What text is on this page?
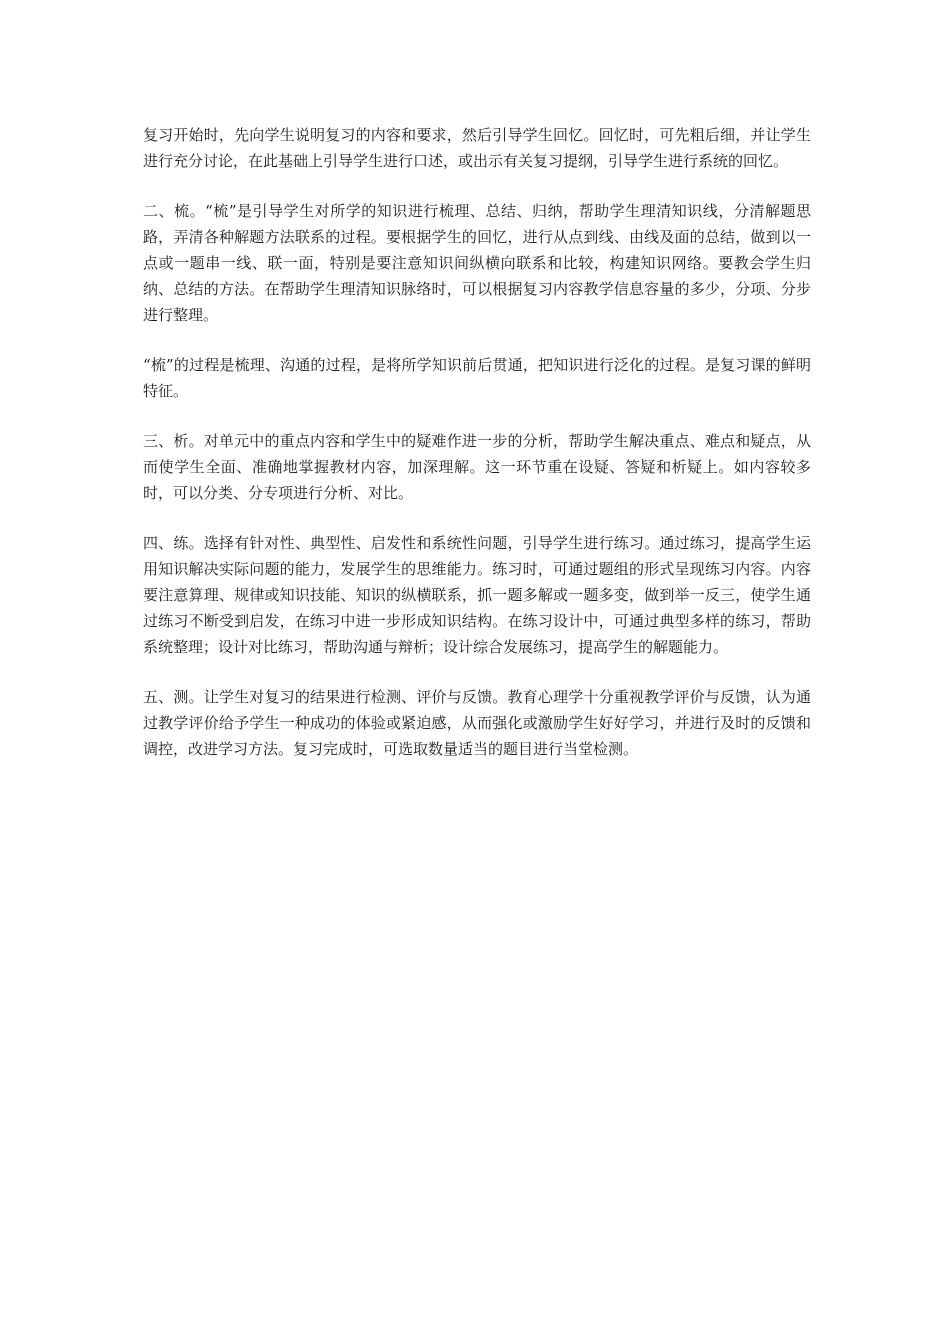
复习开始时，先向学生说明复习的内容和要求，然后引导学生回忆。回忆时，可先粗后细，并让学生进行充分讨论，在此基础上引导学生进行口述，或出示有关复习提纲，引导学生进行系统的回忆。

二、梳。“梳”是引导学生对所学的知识进行梳理、总结、归纳，帮助学生理清知识线，分清解题思路，弄清各种解题方法联系的过程。要根据学生的回忆，进行从点到线、由线及面的总结，做到以一点或一题串一线、联一面，特别是要注意知识间纵横向联系和比较，构建知识网络。要教会学生归纳、总结的方法。在帮助学生理清知识脉络时，可以根据复习内容教学信息容量的多少，分项、分步进行整理。

“梳”的过程是梳理、沟通的过程，是将所学知识前后贯通，把知识进行泛化的过程。是复习课的鲜明特征。

三、析。对单元中的重点内容和学生中的疑难作进一步的分析，帮助学生解决重点、难点和疑点，从而使学生全面、准确地掌握教材内容，加深理解。这一环节重在设疑、答疑和析疑上。如内容较多时，可以分类、分专项进行分析、对比。

四、练。选择有针对性、典型性、启发性和系统性问题，引导学生进行练习。通过练习，提高学生运用知识解决实际问题的能力，发展学生的思维能力。练习时，可通过题组的形式呈现练习内容。内容要注意算理、规律或知识技能、知识的纵横联系，抓一题多解或一题多变，做到举一反三，使学生通过练习不断受到启发，在练习中进一步形成知识结构。在练习设计中，可通过典型多样的练习，帮助系统整理；设计对比练习，帮助沟通与辩析；设计综合发展练习，提高学生的解题能力。

五、测。让学生对复习的结果进行检测、评价与反馈。教育心理学十分重视教学评价与反馈，认为通过教学评价给予学生一种成功的体验或紧迫感，从而强化或激励学生好好学习，并进行及时的反馈和调控，改进学习方法。复习完成时，可选取数量适当的题目进行当堂检测。
